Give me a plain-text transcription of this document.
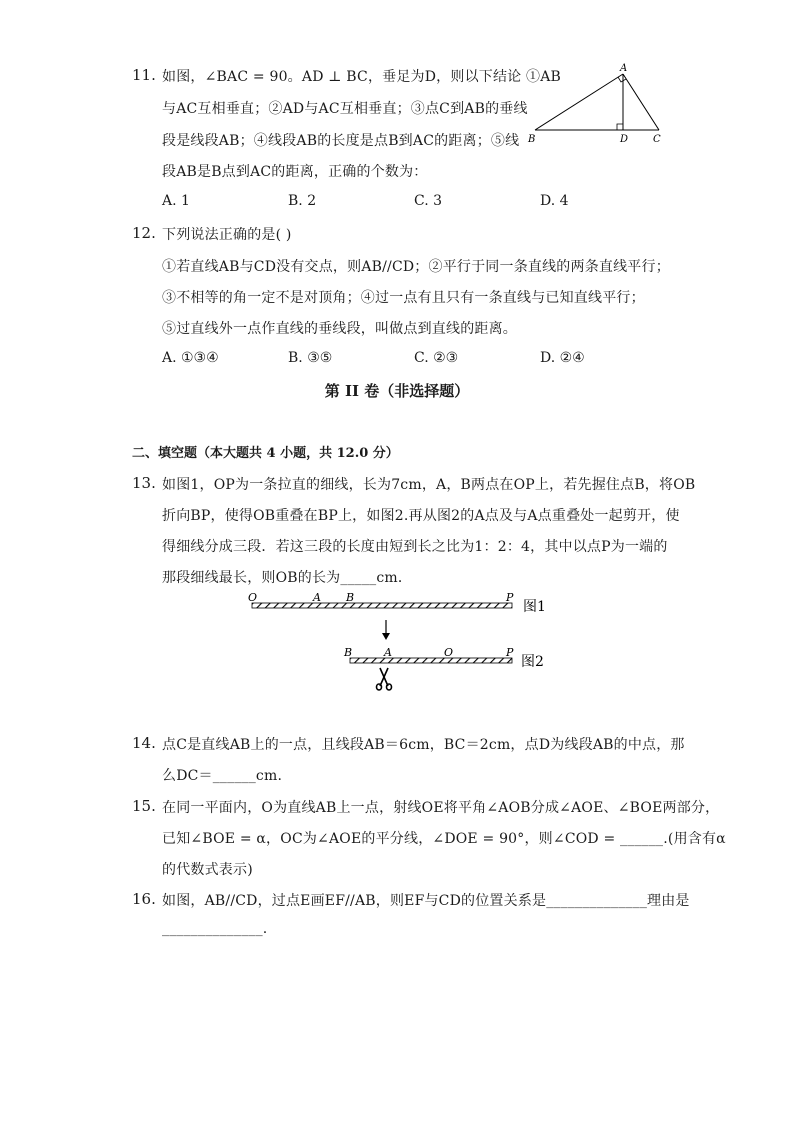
11. 如图，∠BAC = 90。AD ⊥ BC，垂足为D，则以下结论 ①AB
与AC互相垂直；②AD与AC互相垂直；③点C到AB的垂线
段是线段AB；④线段AB的长度是点B到AC的距离；⑤线
段AB是B点到AC的距离，正确的个数为：
A. 1	B. 2	C. 3	D. 4
A
B	D C
12. 下列说法正确的是( )
①若直线AB与CD没有交点，则AB//CD；②平行于同一条直线的两条直线平行；
③不相等的角一定不是对顶角；④过一点有且只有一条直线与已知直线平行；
⑤过直线外一点作直线的垂线段，叫做点到直线的距离。
A. ①③④	B. ③⑤	C. ②③	D. ②④
第 II 卷（非选择题）
二、填空题（本大题共 4 小题，共 12.0 分）
13. 如图1，OP为一条拉直的细线，长为7cm，A，B两点在OP上，若先握住点B，将OB
折向BP，使得OB重叠在BP上，如图2.再从图2的A点及与A点重叠处一起剪开，使
得细线分成三段．若这三段的长度由短到长之比为1：2：4，其中以点P为一端的
那段细线最长，则OB的长为_____cm．
O	A B	P
图1
B	A	O	P
图2
14. 点C是直线AB上的一点，且线段AB＝6cm，BC＝2cm，点D为线段AB的中点，那
么DC＝______cm.
15. 在同一平面内，O为直线AB上一点，射线OE将平角∠AOB分成∠AOE、∠BOE两部分，
已知∠BOE = α，OC为∠AOE的平分线，∠DOE = 90°，则∠COD = ______.(用含有α
的代数式表示)
16. 如图，AB//CD，过点E画EF//AB，则EF与CD的位置关系是______________理由是
______________.
